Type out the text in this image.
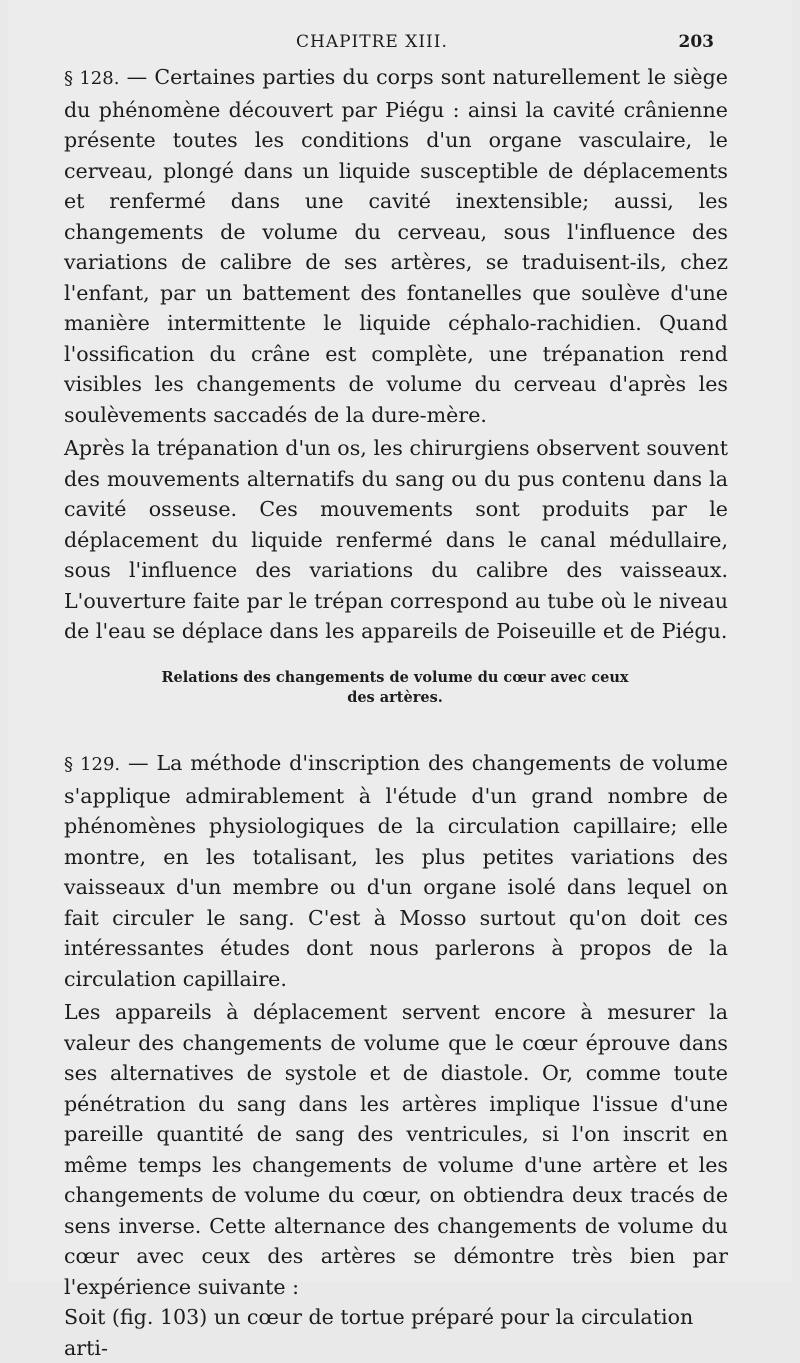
CHAPITRE XIII.	203

§ 128. — Certaines parties du corps sont naturellement le siège du phénomène découvert par Piégu : ainsi la cavité crânienne présente toutes les conditions d'un organe vasculaire, le cerveau, plongé dans un liquide susceptible de déplacements et renfermé dans une cavité inextensible; aussi, les changements de volume du cerveau, sous l'influence des variations de calibre de ses artères, se traduisent-ils, chez l'enfant, par un battement des fontanelles que soulève d'une manière intermittente le liquide céphalo-rachidien. Quand l'ossification du crâne est complète, une trépanation rend visibles les changements de volume du cerveau d'après les soulèvements saccadés de la dure-mère.

Après la trépanation d'un os, les chirurgiens observent souvent des mouvements alternatifs du sang ou du pus contenu dans la cavité osseuse. Ces mouvements sont produits par le déplacement du liquide renfermé dans le canal médullaire, sous l'influence des variations du calibre des vaisseaux. L'ouverture faite par le trépan correspond au tube où le niveau de l'eau se déplace dans les appareils de Poiseuille et de Piégu.

Relations des changements de volume du cœur avec ceux
des artères.

§ 129. — La méthode d'inscription des changements de volume s'applique admirablement à l'étude d'un grand nombre de phénomènes physiologiques de la circulation capillaire; elle montre, en les totalisant, les plus petites variations des vaisseaux d'un membre ou d'un organe isolé dans lequel on fait circuler le sang. C'est à Mosso surtout qu'on doit ces intéressantes études dont nous parlerons à propos de la circulation capillaire.

Les appareils à déplacement servent encore à mesurer la valeur des changements de volume que le cœur éprouve dans ses alternatives de systole et de diastole. Or, comme toute pénétration du sang dans les artères implique l'issue d'une pareille quantité de sang des ventricules, si l'on inscrit en même temps les changements de volume d'une artère et les changements de volume du cœur, on obtiendra deux tracés de sens inverse. Cette alternance des changements de volume du cœur avec ceux des artères se démontre très bien par l'expérience suivante :

Soit (fig. 103) un cœur de tortue préparé pour la circulation arti-
